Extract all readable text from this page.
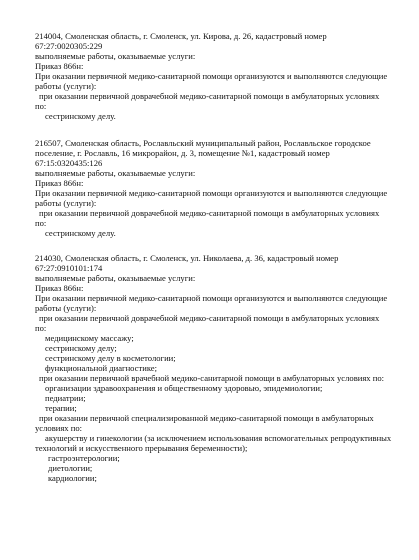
214004, Смоленская область, г. Смоленск, ул. Кирова, д. 26, кадастровый номер
67:27:0020305:229
выполняемые работы, оказываемые услуги:
Приказ 866н:
При оказании первичной медико-санитарной помощи организуются и выполняются следующие
работы (услуги):
при оказании первичной доврачебной медико-санитарной помощи в амбулаторных условиях
по:
сестринскому делу.
216507, Смоленская область, Рославльский муниципальный район, Рославльское городское
поселение, г. Рославль, 16 микрорайон, д. 3, помещение №1, кадастровый номер
67:15:0320435:126
выполняемые работы, оказываемые услуги:
Приказ 866н:
При оказании первичной медико-санитарной помощи организуются и выполняются следующие
работы (услуги):
при оказании первичной доврачебной медико-санитарной помощи в амбулаторных условиях
по:
сестринскому делу.
214030, Смоленская область, г. Смоленск, ул. Николаева, д. 36, кадастровый номер
67:27:0910101:174
выполняемые работы, оказываемые услуги:
Приказ 866н:
При оказании первичной медико-санитарной помощи организуются и выполняются следующие
работы (услуги):
при оказании первичной доврачебной медико-санитарной помощи в амбулаторных условиях
по:
медицинскому массажу;
сестринскому делу;
сестринскому делу в косметологии;
функциональной диагностике;
при оказании первичной врачебной медико-санитарной помощи в амбулаторных условиях по:
организации здравоохранения и общественному здоровью, эпидемиологии;
педиатрии;
терапии;
при оказании первичной специализированной медико-санитарной помощи в амбулаторных
условиях по:
акушерству и гинекологии (за исключением использования вспомогательных репродуктивных
технологий и искусственного прерывания беременности);
гастроэнтерологии;
диетологии;
кардиологии;
